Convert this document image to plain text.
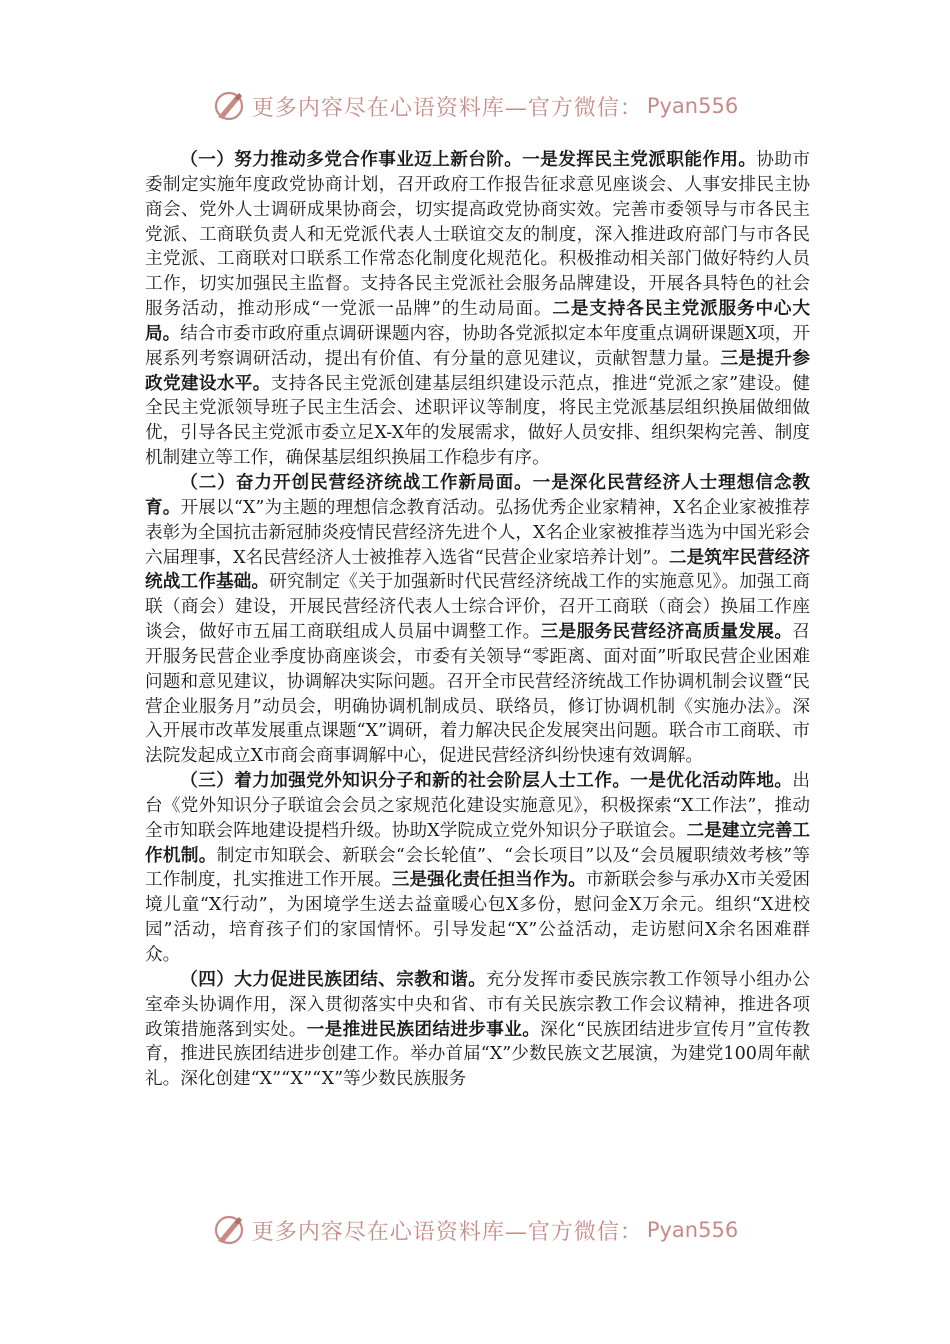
更多内容尽在心语资料库—官方微信： Pyan556

（一）努力推动多党合作事业迈上新台阶。一是发挥民主党派职能作用。协助市委制定实施年度政党协商计划，召开政府工作报告征求意见座谈会、人事安排民主协商会、党外人士调研成果协商会，切实提高政党协商实效。完善市委领导与市各民主党派、工商联负责人和无党派代表人士联谊交友的制度，深入推进政府部门与市各民主党派、工商联对口联系工作常态化制度化规范化。积极推动相关部门做好特约人员工作，切实加强民主监督。支持各民主党派社会服务品牌建设，开展各具特色的社会服务活动，推动形成“一党派一品牌”的生动局面。二是支持各民主党派服务中心大局。结合市委市政府重点调研课题内容，协助各党派拟定本年度重点调研课题X项，开展系列考察调研活动，提出有价值、有分量的意见建议，贡献智慧力量。三是提升参政党建设水平。支持各民主党派创建基层组织建设示范点，推进“党派之家”建设。健全民主党派领导班子民主生活会、述职评议等制度，将民主党派基层组织换届做细做优，引导各民主党派市委立足X-X年的发展需求，做好人员安排、组织架构完善、制度机制建立等工作，确保基层组织换届工作稳步有序。

（二）奋力开创民营经济统战工作新局面。一是深化民营经济人士理想信念教育。开展以“X”为主题的理想信念教育活动。弘扬优秀企业家精神，X名企业家被推荐表彰为全国抗击新冠肺炎疫情民营经济先进个人，X名企业家被推荐当选为中国光彩会六届理事，X名民营经济人士被推荐入选省“民营企业家培养计划”。二是筑牢民营经济统战工作基础。研究制定《关于加强新时代民营经济统战工作的实施意见》。加强工商联（商会）建设，开展民营经济代表人士综合评价，召开工商联（商会）换届工作座谈会，做好市五届工商联组成人员届中调整工作。三是服务民营经济高质量发展。召开服务民营企业季度协商座谈会，市委有关领导“零距离、面对面”听取民营企业困难问题和意见建议，协调解决实际问题。召开全市民营经济统战工作协调机制会议暨“民营企业服务月”动员会，明确协调机制成员、联络员，修订协调机制《实施办法》。深入开展市改革发展重点课题“X”调研，着力解决民企发展突出问题。联合市工商联、市法院发起成立X市商会商事调解中心，促进民营经济纠纷快速有效调解。

（三）着力加强党外知识分子和新的社会阶层人士工作。一是优化活动阵地。出台《党外知识分子联谊会会员之家规范化建设实施意见》，积极探索“X工作法”，推动全市知联会阵地建设提档升级。协助X学院成立党外知识分子联谊会。二是建立完善工作机制。制定市知联会、新联会“会长轮值”、“会长项目”以及“会员履职绩效考核”等工作制度，扎实推进工作开展。三是强化责任担当作为。市新联会参与承办X市关爱困境儿童“X行动”，为困境学生送去益童暖心包X多份，慰问金X万余元。组织“X进校园”活动，培育孩子们的家国情怀。引导发起“X”公益活动，走访慰问X余名困难群众。

（四）大力促进民族团结、宗教和谐。充分发挥市委民族宗教工作领导小组办公室牵头协调作用，深入贯彻落实中央和省、市有关民族宗教工作会议精神，推进各项政策措施落到实处。一是推进民族团结进步事业。深化“民族团结进步宣传月”宣传教育，推进民族团结进步创建工作。举办首届“X”少数民族文艺展演，为建党100周年献礼。深化创建“X”“X”“X”等少数民族服务

更多内容尽在心语资料库—官方微信： Pyan556
